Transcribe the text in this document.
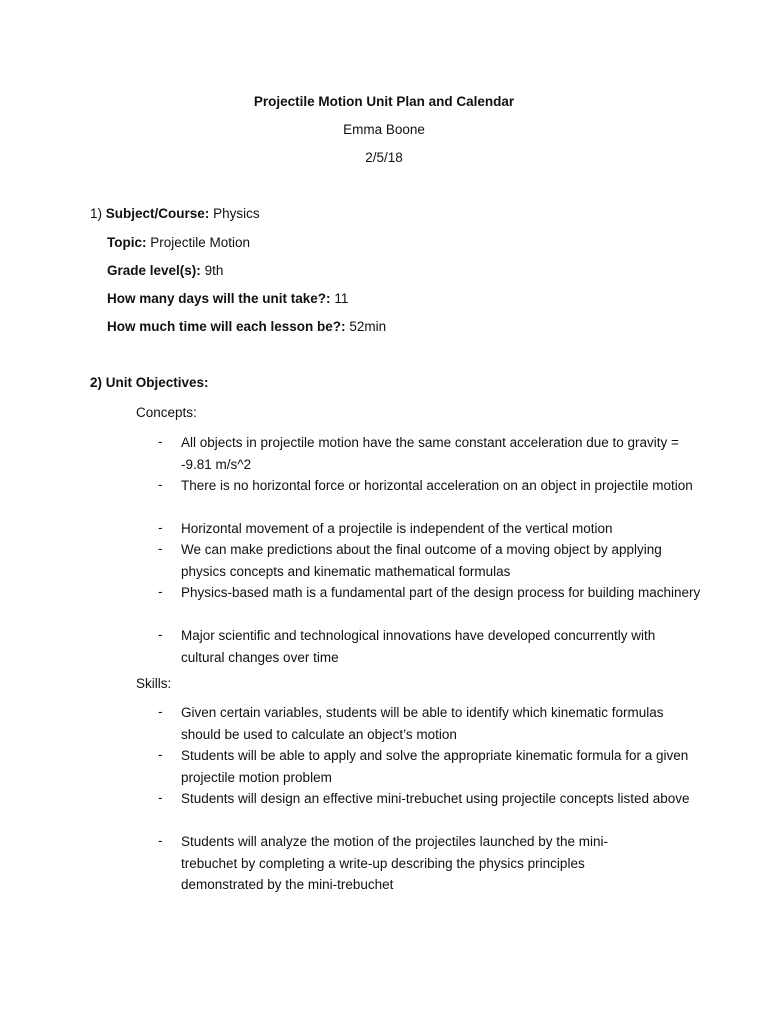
Projectile Motion Unit Plan and Calendar
Emma Boone
2/5/18
1) Subject/Course: Physics
Topic: Projectile Motion
Grade level(s): 9th
How many days will the unit take?: 11
How much time will each lesson be?: 52min
2) Unit Objectives:
Concepts:
- All objects in projectile motion have the same constant acceleration due to gravity = -9.81 m/s^2
- There is no horizontal force or horizontal acceleration on an object in projectile motion
- Horizontal movement of a projectile is independent of the vertical motion
- We can make predictions about the final outcome of a moving object by applying physics concepts and kinematic mathematical formulas
- Physics-based math is a fundamental part of the design process for building machinery
- Major scientific and technological innovations have developed concurrently with cultural changes over time
Skills:
- Given certain variables, students will be able to identify which kinematic formulas should be used to calculate an object’s motion
- Students will be able to apply and solve the appropriate kinematic formula for a given projectile motion problem
- Students will design an effective mini-trebuchet using projectile concepts listed above
- Students will analyze the motion of the projectiles launched by the mini-trebuchet by completing a write-up describing the physics principles demonstrated by the mini-trebuchet
